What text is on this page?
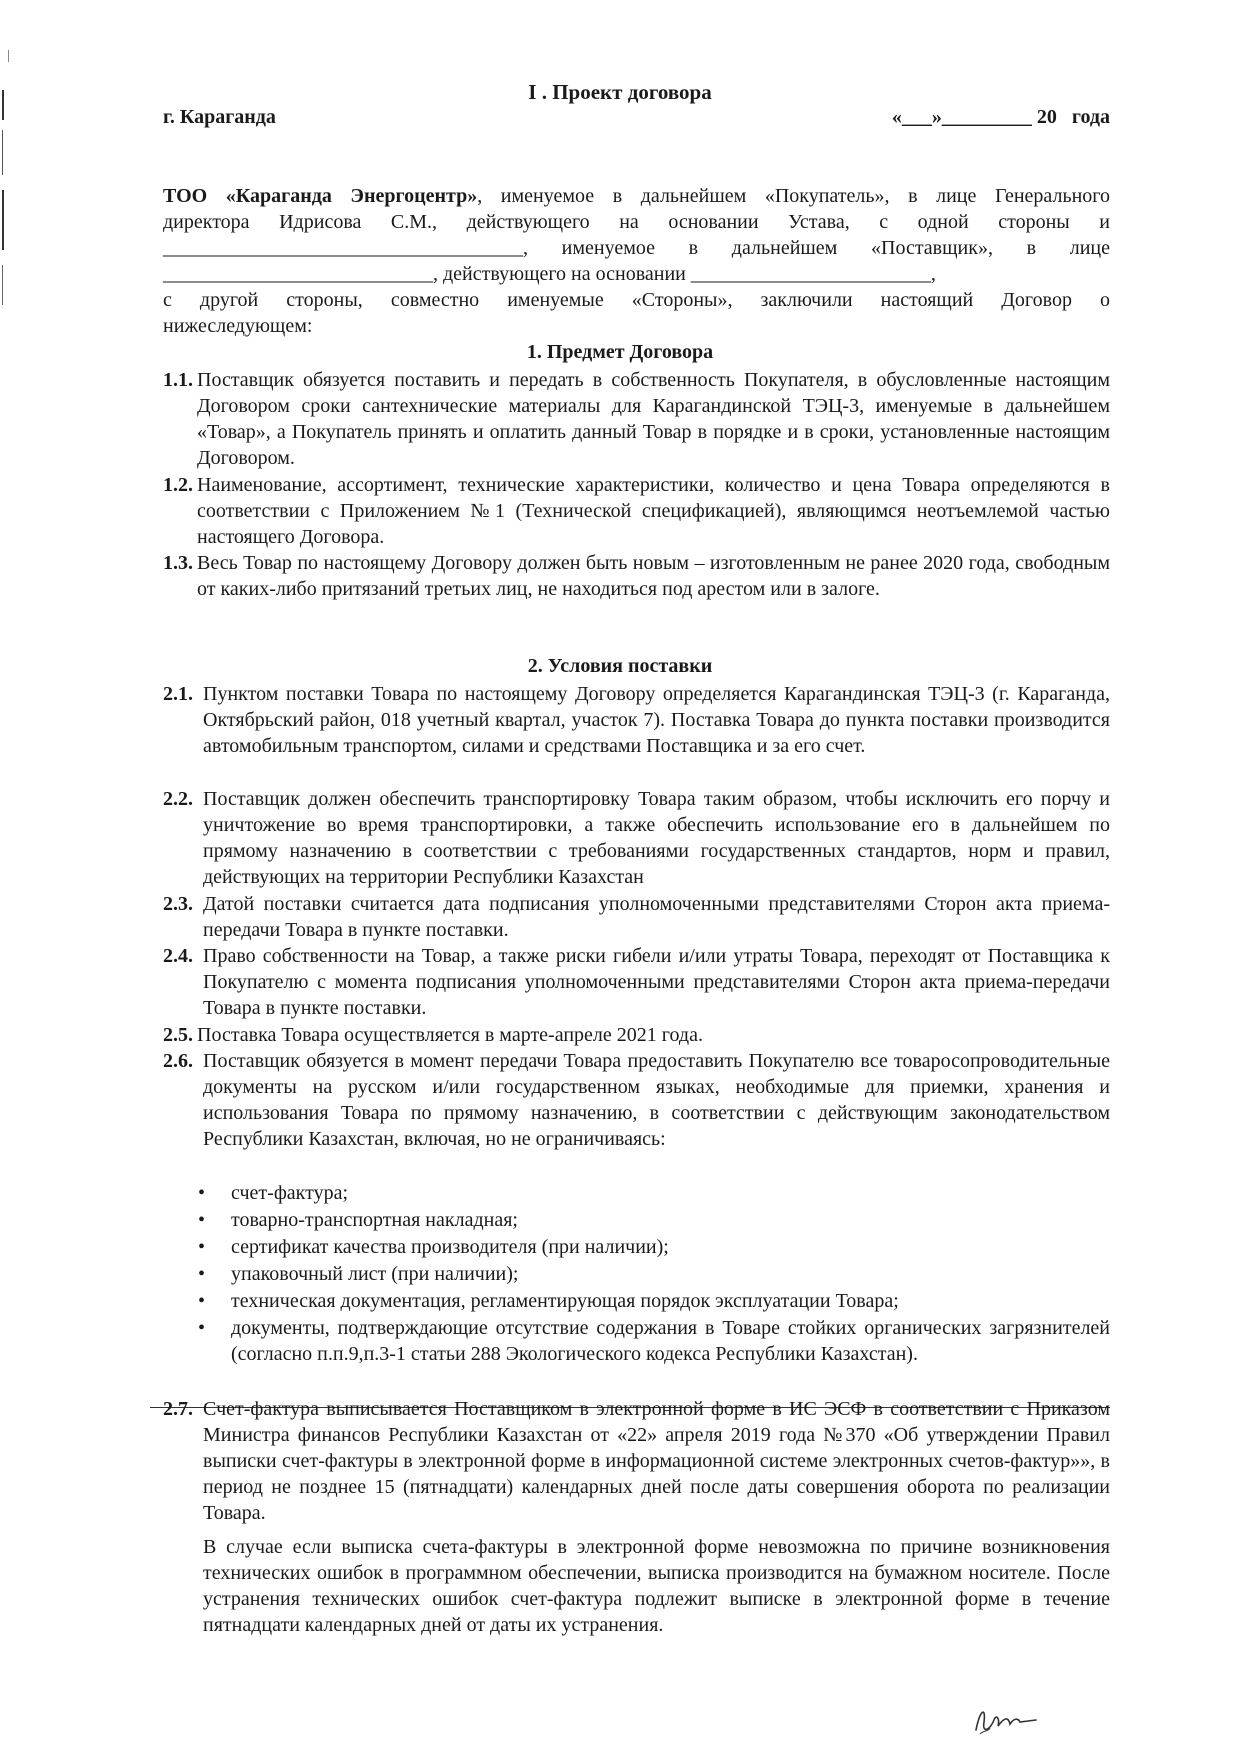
I . Проект договора
г. Караганда	«___»_________ 20   года
ТОО «Караганда Энергоцентр», именуемое в дальнейшем «Покупатель», в лице Генерального
директора Идрисова С.М., действующего на основании Устава, с одной стороны и
____________________________________, именуемое в дальнейшем «Поставщик», в лице
___________________________, действующего на основании ________________________,
с другой стороны, совместно именуемые «Стороны», заключили настоящий Договор о
нижеследующем:
1. Предмет Договора
1.1. Поставщик обязуется поставить и передать в собственность Покупателя, в обусловленные настоящим Договором сроки сантехнические материалы для Карагандинской ТЭЦ-3, именуемые в дальнейшем «Товар», а Покупатель принять и оплатить данный Товар в порядке и в сроки, установленные настоящим Договором.
1.2. Наименование, ассортимент, технические характеристики, количество и цена Товара определяются в соответствии с Приложением №1 (Технической спецификацией), являющимся неотъемлемой частью настоящего Договора.
1.3. Весь Товар по настоящему Договору должен быть новым – изготовленным не ранее 2020 года, свободным от каких-либо притязаний третьих лиц, не находиться под арестом или в залоге.
2. Условия поставки
2.1. Пунктом поставки Товара по настоящему Договору определяется Карагандинская ТЭЦ-3 (г. Караганда, Октябрьский район, 018 учетный квартал, участок 7). Поставка Товара до пункта поставки производится автомобильным транспортом, силами и средствами Поставщика и за его счет.
2.2. Поставщик должен обеспечить транспортировку Товара таким образом, чтобы исключить его порчу и уничтожение во время транспортировки, а также обеспечить использование его в дальнейшем по прямому назначению в соответствии с требованиями государственных стандартов, норм и правил, действующих на территории Республики Казахстан
2.3. Датой поставки считается дата подписания уполномоченными представителями Сторон акта приема-передачи Товара в пункте поставки.
2.4. Право собственности на Товар, а также риски гибели и/или утраты Товара, переходят от Поставщика к Покупателю с момента подписания уполномоченными представителями Сторон акта приема-передачи Товара в пункте поставки.
2.5. Поставка Товара осуществляется в марте-апреле 2021 года.
2.6. Поставщик обязуется в момент передачи Товара предоставить Покупателю все товаросопроводительные документы на русском и/или государственном языках, необходимые для приемки, хранения и использования Товара по прямому назначению, в соответствии с действующим законодательством Республики Казахстан, включая, но не ограничиваясь:
• счет-фактура;
• товарно-транспортная накладная;
• сертификат качества производителя (при наличии);
• упаковочный лист (при наличии);
• техническая документация, регламентирующая порядок эксплуатации Товара;
• документы, подтверждающие отсутствие содержания в Товаре стойких органических загрязнителей (согласно п.п.9,п.3-1 статьи 288 Экологического кодекса Республики Казахстан).
2.7. Счет-фактура выписывается Поставщиком в электронной форме в ИС ЭСФ в соответствии с Приказом Министра финансов Республики Казахстан от «22» апреля 2019 года №370 «Об утверждении Правил выписки счет-фактуры в электронной форме в информационной системе электронных счетов-фактур»», в период не позднее 15 (пятнадцати) календарных дней после даты совершения оборота по реализации Товара.
В случае если выписка счета-фактуры в электронной форме невозможна по причине возникновения технических ошибок в программном обеспечении, выписка производится на бумажном носителе. После устранения технических ошибок счет-фактура подлежит выписке в электронной форме в течение пятнадцати календарных дней от даты их устранения.
